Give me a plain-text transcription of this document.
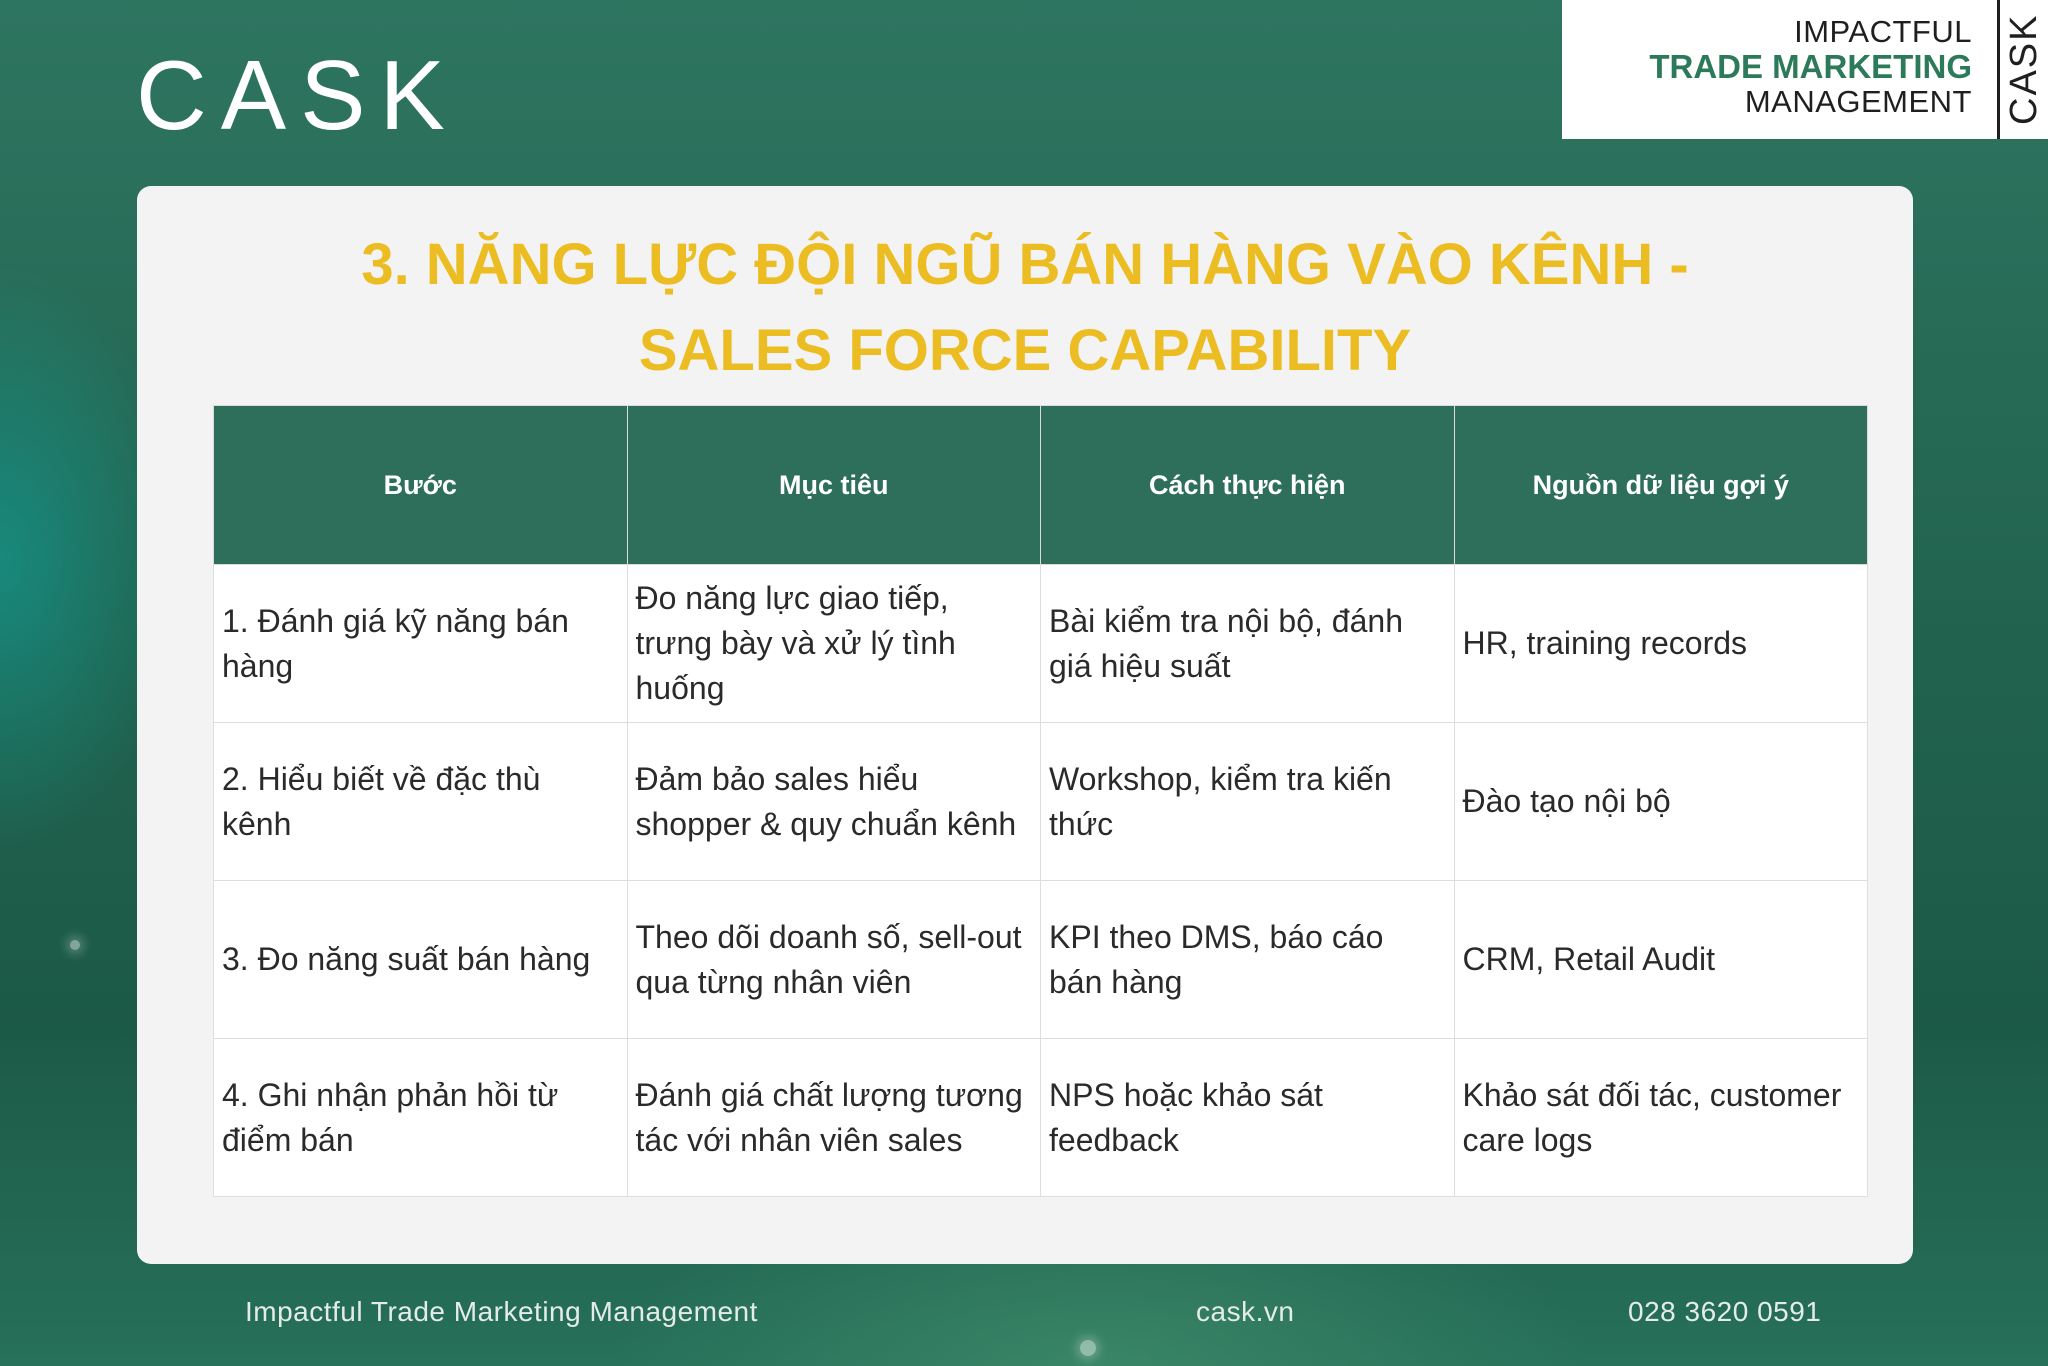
CASK
IMPACTFUL
TRADE MARKETING
MANAGEMENT CASK
3. NĂNG LỰC ĐỘI NGŨ BÁN HÀNG VÀO KÊNH -
SALES FORCE CAPABILITY
Bước	Mục tiêu	Cách thực hiện	Nguồn dữ liệu gợi ý
1. Đánh giá kỹ năng bán hàng	Đo năng lực giao tiếp, trưng bày và xử lý tình huống	Bài kiểm tra nội bộ, đánh giá hiệu suất	HR, training records
2. Hiểu biết về đặc thù kênh	Đảm bảo sales hiểu shopper & quy chuẩn kênh	Workshop, kiểm tra kiến thức	Đào tạo nội bộ
3. Đo năng suất bán hàng	Theo dõi doanh số, sell-out qua từng nhân viên	KPI theo DMS, báo cáo bán hàng	CRM, Retail Audit
4. Ghi nhận phản hồi từ điểm bán	Đánh giá chất lượng tương tác với nhân viên sales	NPS hoặc khảo sát feedback	Khảo sát đối tác, customer care logs
Impactful Trade Marketing Management	cask.vn	028 3620 0591
